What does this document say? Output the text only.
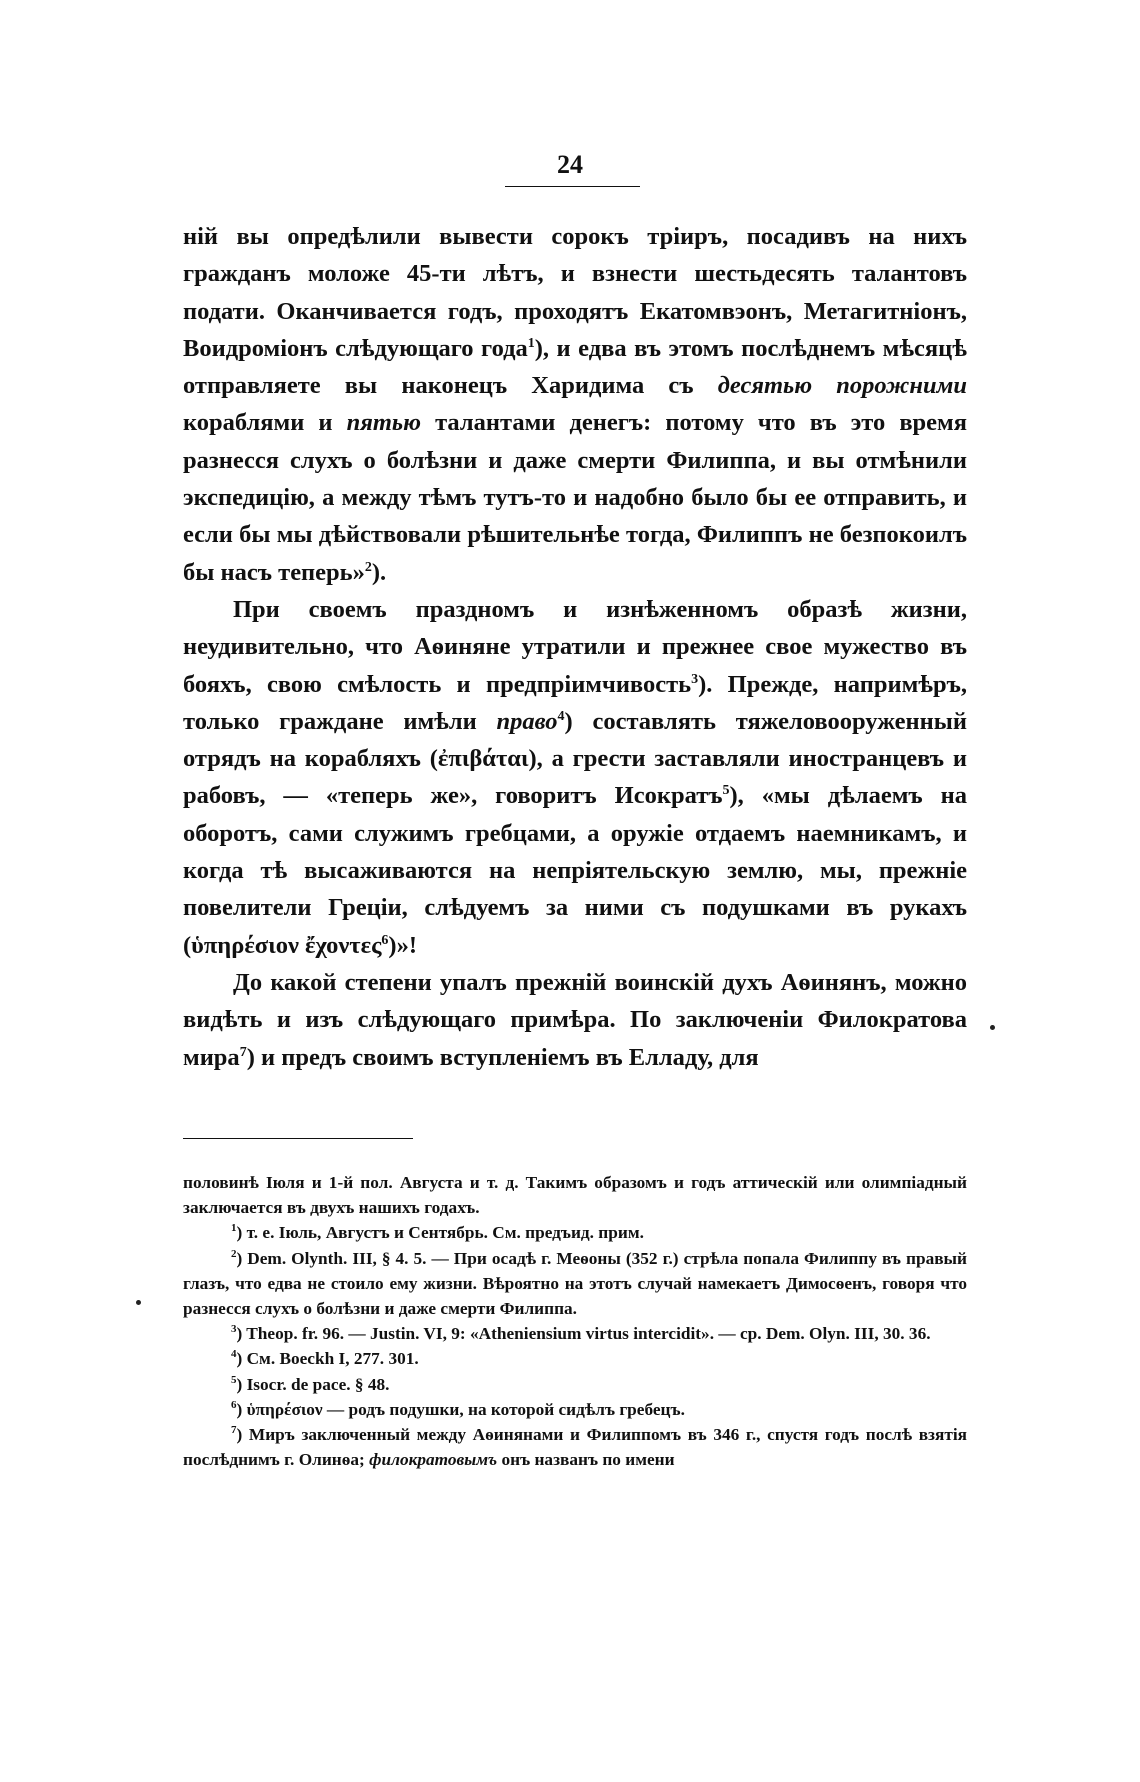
24

ній вы опредѣлили вывести сорокъ тріиръ, посадивъ на нихъ гражданъ моложе 45-ти лѣтъ, и взнести шестьдесять талантовъ подати. Оканчивается годъ, проходятъ Екатомвэонъ, Метагитніонъ, Воидроміонъ слѣдующаго года$^1$), и едва въ этомъ послѣднемъ мѣсяцѣ отправляете вы наконецъ Харидима съ десятью порожними кораблями и пятью талантами денегъ: потому что въ это время разнесся слухъ о болѣзни и даже смерти Филиппа, и вы отмѣнили экспедицію, а между тѣмъ тутъ-то и надобно было бы ее отправить, и если бы мы дѣйствовали рѣшительнѣе тогда, Филиппъ не безпокоилъ бы насъ теперь»$^2$).

При своемъ праздномъ и изнѣженномъ образѣ жизни, неудивительно, что Аѳиняне утратили и прежнее свое мужество въ бояхъ, свою смѣлость и предпріимчивость$^3$). Прежде, напримѣръ, только граждане имѣли право$^4$) составлять тяжеловооруженный отрядъ на корабляхъ (ἐπιβάται), а грести заставляли иностранцевъ и рабовъ, — «теперь же», говоритъ Исократъ$^5$), «мы дѣлаемъ на оборотъ, сами служимъ гребцами, а оружіе отдаемъ наемникамъ, и когда тѣ высаживаются на непріятельскую землю, мы, прежніе повелители Греціи, слѣдуемъ за ними съ подушками въ рукахъ (ὑπηρέσιον ἔχοντες$^6$)»!

До какой степени упалъ прежній воинскій духъ Аѳинянъ, можно видѣть и изъ слѣдующаго примѣра. По заключеніи Филократова мира$^7$) и предъ своимъ вступленіемъ въ Елладу, для

половинѣ Іюля и 1-й пол. Августа и т. д. Такимъ образомъ и годъ аттическій или олимпіадный заключается въ двухъ нашихъ годахъ.

$^1$) т. е. Іюль, Августъ и Сентябрь. См. предъид. прим.

$^2$) Dem. Olynth. III, § 4. 5. — При осадѣ г. Меѳоны (352 г.) стрѣла попала Филиппу въ правый глазъ, что едва не стоило ему жизни. Вѣроятно на этотъ случай намекаетъ Димосѳенъ, говоря что разнесся слухъ о болѣзни и даже смерти Филиппа.

$^3$) Theop. fr. 96. — Justin. VI, 9: «Atheniensium virtus intercidit». — ср. Dem. Olyn. III, 30. 36.

$^4$) См. Boeckh I, 277. 301.

$^5$) Isocr. de pace. § 48.

$^6$) ὑπηρέσιον — родъ подушки, на которой сидѣлъ гребецъ.

$^7$) Миръ заключенный между Аѳинянами и Филиппомъ въ 346 г., спустя годъ послѣ взятія послѣднимъ г. Олинѳа; филократовымъ онъ названъ по имени
